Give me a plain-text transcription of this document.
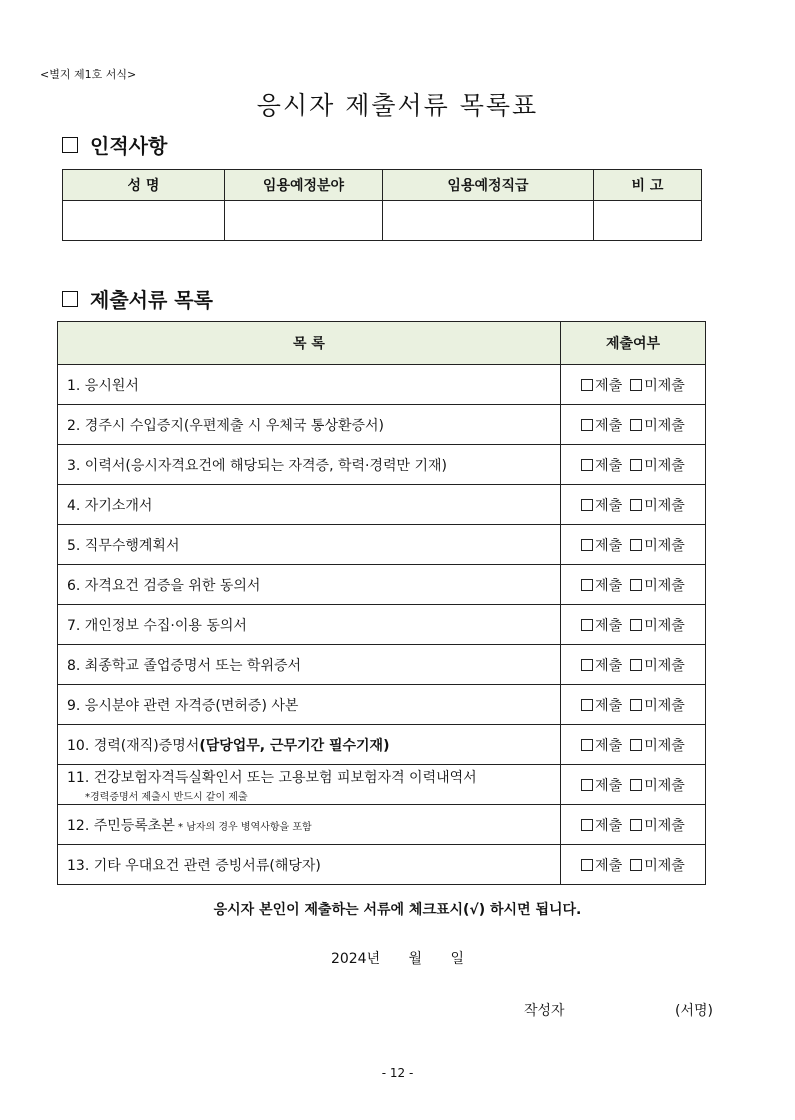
<별지 제1호 서식>
응시자 제출서류 목록표
인적사항
성 명	임용예정분야	임용예정직급	비 고

제출서류 목록
목 록	제출여부
1. 응시원서	제출 미제출
2. 경주시 수입증지(우편제출 시 우체국 통상환증서)	제출 미제출
3. 이력서(응시자격요건에 해당되는 자격증, 학력·경력만 기재)	제출 미제출
4. 자기소개서	제출 미제출
5. 직무수행계획서	제출 미제출
6. 자격요건 검증을 위한 동의서	제출 미제출
7. 개인정보 수집·이용 동의서	제출 미제출
8. 최종학교 졸업증명서 또는 학위증서	제출 미제출
9. 응시분야 관련 자격증(면허증) 사본	제출 미제출
10. 경력(재직)증명서(담당업무, 근무기간 필수기재)	제출 미제출
11. 건강보험자격득실확인서 또는 고용보험 피보험자격 이력내역서
*경력증명서 제출시 반드시 같이 제출	제출 미제출
12. 주민등록초본 * 남자의 경우 병역사항을 포함	제출 미제출
13. 기타 우대요건 관련 증빙서류(해당자)	제출 미제출
응시자 본인이 제출하는 서류에 체크표시(√) 하시면 됩니다.
2024년 월 일
작성자	(서명)
- 12 -
